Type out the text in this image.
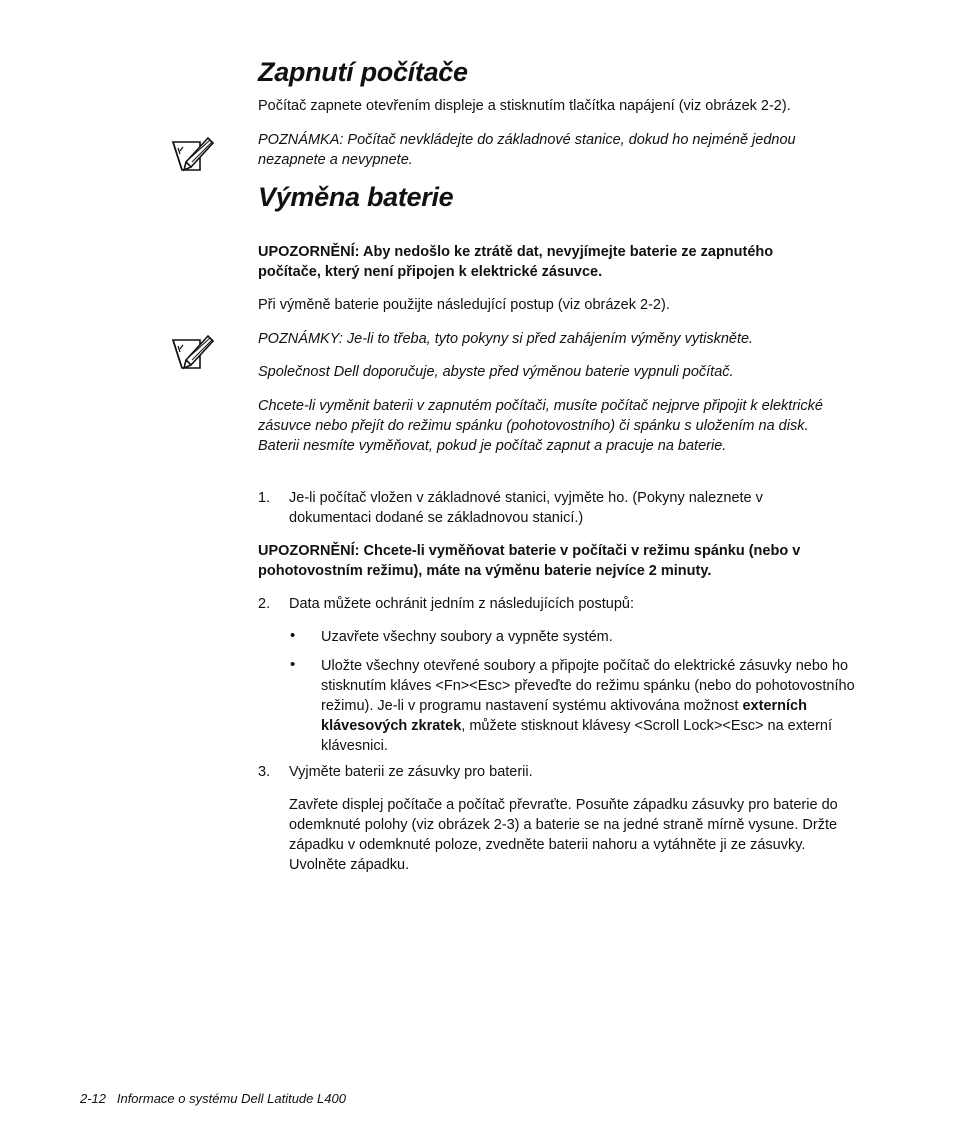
Zapnutí počítače

Počítač zapnete otevřením displeje a stisknutím tlačítka napájení (viz obrázek 2-2).

POZNÁMKA: Počítač nevkládejte do základnové stanice, dokud ho nejméně jednou nezapnete a nevypnete.

Výměna baterie

UPOZORNĚNÍ: Aby nedošlo ke ztrátě dat, nevyjímejte baterie ze zapnutého počítače, který není připojen k elektrické zásuvce.

Při výměně baterie použijte následující postup (viz obrázek 2-2).

POZNÁMKY: Je-li to třeba, tyto pokyny si před zahájením výměny vytiskněte.

Společnost Dell doporučuje, abyste před výměnou baterie vypnuli počítač.

Chcete-li vyměnit baterii v zapnutém počítači, musíte počítač nejprve připojit k elektrické zásuvce nebo přejít do režimu spánku (pohotovostního) či spánku s uložením na disk. Baterii nesmíte vyměňovat, pokud je počítač zapnut a pracuje na baterie.

1. Je-li počítač vložen v základnové stanici, vyjměte ho. (Pokyny naleznete v dokumentaci dodané se základnovou stanicí.)

UPOZORNĚNÍ: Chcete-li vyměňovat baterie v počítači v režimu spánku (nebo v pohotovostním režimu), máte na výměnu baterie nejvíce 2 minuty.

2. Data můžete ochránit jedním z následujících postupů:

• Uzavřete všechny soubory a vypněte systém.

• Uložte všechny otevřené soubory a připojte počítač do elektrické zásuvky nebo ho stisknutím kláves <Fn><Esc> převeďte do režimu spánku (nebo do pohotovostního režimu). Je-li v programu nastavení systému aktivována možnost externích klávesových zkratek, můžete stisknout klávesy <Scroll Lock><Esc> na externí klávesnici.

3. Vyjměte baterii ze zásuvky pro baterii.

Zavřete displej počítače a počítač převraťte. Posuňte západku zásuvky pro baterie do odemknuté polohy (viz obrázek 2-3) a baterie se na jedné straně mírně vysune. Držte západku v odemknuté poloze, zvedněte baterii nahoru a vytáhněte ji ze zásuvky. Uvolněte západku.

2-12   Informace o systému Dell Latitude L400
